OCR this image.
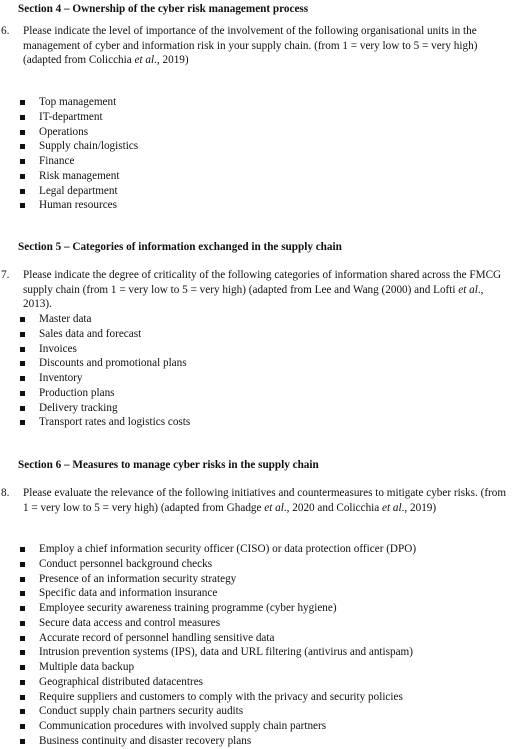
Section 4 – Ownership of the cyber risk management process
6. Please indicate the level of importance of the involvement of the following organisational units in the management of cyber and information risk in your supply chain. (from 1 = very low to 5 = very high) (adapted from Colicchia et al., 2019)
Top management
IT-department
Operations
Supply chain/logistics
Finance
Risk management
Legal department
Human resources
Section 5 – Categories of information exchanged in the supply chain
7. Please indicate the degree of criticality of the following categories of information shared across the FMCG supply chain (from 1 = very low to 5 = very high) (adapted from Lee and Wang (2000) and Lofti et al., 2013).
Master data
Sales data and forecast
Invoices
Discounts and promotional plans
Inventory
Production plans
Delivery tracking
Transport rates and logistics costs
Section 6 – Measures to manage cyber risks in the supply chain
8. Please evaluate the relevance of the following initiatives and countermeasures to mitigate cyber risks. (from 1 = very low to 5 = very high) (adapted from Ghadge et al., 2020 and Colicchia et al., 2019)
Employ a chief information security officer (CISO) or data protection officer (DPO)
Conduct personnel background checks
Presence of an information security strategy
Specific data and information insurance
Employee security awareness training programme (cyber hygiene)
Secure data access and control measures
Accurate record of personnel handling sensitive data
Intrusion prevention systems (IPS), data and URL filtering (antivirus and antispam)
Multiple data backup
Geographical distributed datacentres
Require suppliers and customers to comply with the privacy and security policies
Conduct supply chain partners security audits
Communication procedures with involved supply chain partners
Business continuity and disaster recovery plans
